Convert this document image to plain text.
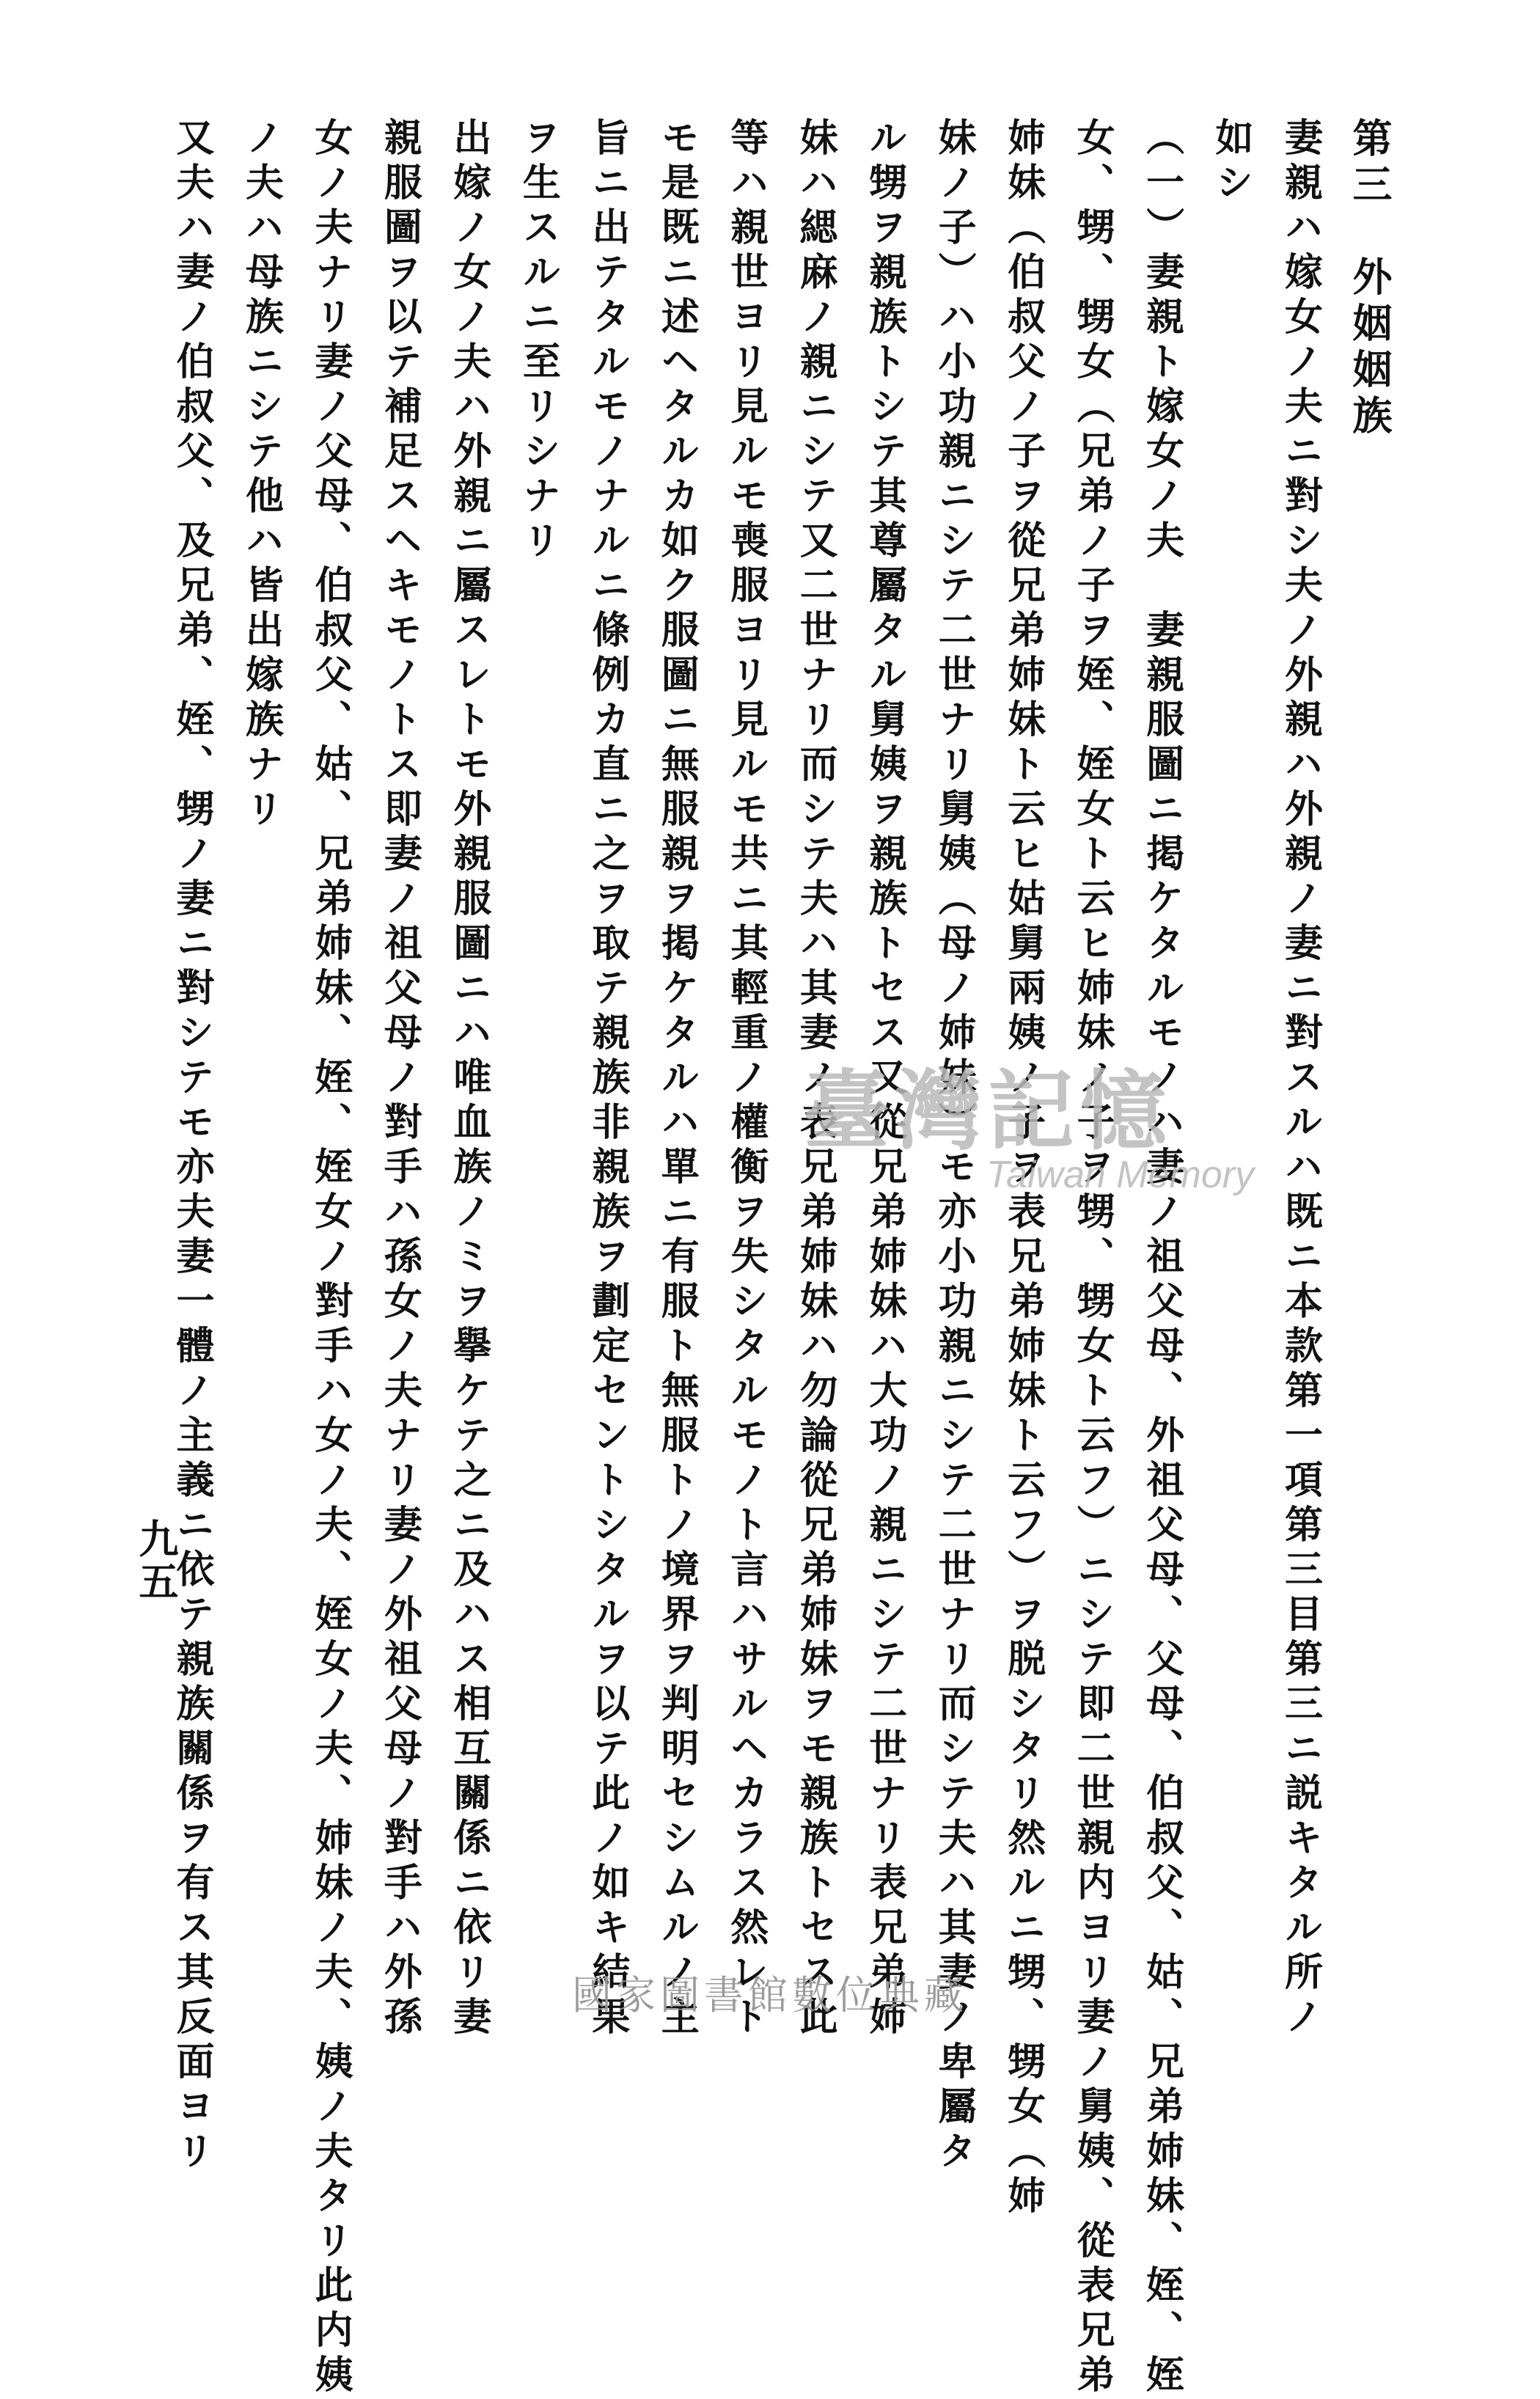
第三　外姻姻族
妻親ハ嫁女ノ夫ニ對シ夫ノ外親ハ外親ノ妻ニ對スルハ既ニ本款第一項第三目第三ニ説キタル所ノ
如シ
（一）妻親ト嫁女ノ夫　妻親服圖ニ掲ケタルモノハ妻ノ祖父母、外祖父母、父母、伯叔父、姑、兄弟姉妹、姪、姪
女、甥、甥女（兄弟ノ子ヲ姪、姪女ト云ヒ姉妹ノ子ヲ甥、甥女ト云フ）ニシテ即二世親内ヨリ妻ノ舅姨、從表兄弟
姉妹（伯叔父ノ子ヲ從兄弟姉妹ト云ヒ姑舅兩姨ノ子ヲ表兄弟姉妹ト云フ）ヲ脱シタリ然ルニ甥、甥女（姉
妹ノ子）ハ小功親ニシテ二世ナリ舅姨（母ノ姉妹）モ亦小功親ニシテ二世ナリ而シテ夫ハ其妻ノ卑屬タ
ル甥ヲ親族トシテ其尊屬タル舅姨ヲ親族トセス又從兄弟姉妹ハ大功ノ親ニシテ二世ナリ表兄弟姉
妹ハ緦麻ノ親ニシテ又二世ナリ而シテ夫ハ其妻ノ表兄弟姉妹ハ勿論從兄弟姉妹ヲモ親族トセス此
等ハ親世ヨリ見ルモ喪服ヨリ見ルモ共ニ其輕重ノ權衡ヲ失シタルモノト言ハサルヘカラス然レト
モ是既ニ述ヘタルカ如ク服圖ニ無服親ヲ掲ケタルハ單ニ有服ト無服トノ境界ヲ判明セシムルノ主
旨ニ出テタルモノナルニ條例カ直ニ之ヲ取テ親族非親族ヲ劃定セントシタルヲ以テ此ノ如キ結果
ヲ生スルニ至リシナリ
出嫁ノ女ノ夫ハ外親ニ屬スレトモ外親服圖ニハ唯血族ノミヲ擧ケテ之ニ及ハス相互關係ニ依リ妻
親服圖ヲ以テ補足スヘキモノトス即妻ノ祖父母ノ對手ハ孫女ノ夫ナリ妻ノ外祖父母ノ對手ハ外孫
女ノ夫ナリ妻ノ父母、伯叔父、姑、兄弟姉妹、姪、姪女ノ對手ハ女ノ夫、姪女ノ夫、姉妹ノ夫、姨ノ夫タリ此内姨
ノ夫ハ母族ニシテ他ハ皆出嫁族ナリ
又夫ハ妻ノ伯叔父、及兄弟、姪、甥ノ妻ニ對シテモ亦夫妻一體ノ主義ニ依テ親族關係ヲ有ス其反面ヨリ
九五
臺灣記憶
Taiwan Memory
國家圖書館數位典藏
